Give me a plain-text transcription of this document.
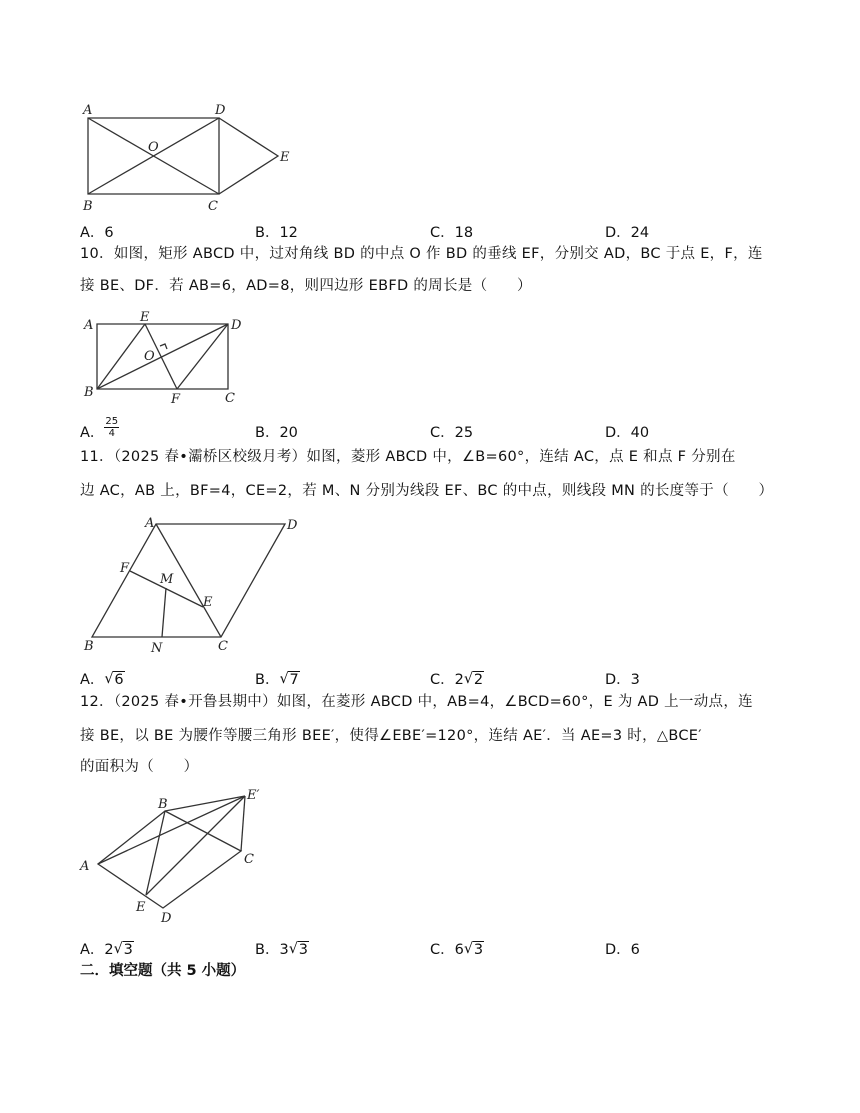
A	D
O
E
B	C
A．6	B．12	C．18	D．24
10．如图，矩形 ABCD 中，过对角线 BD 的中点 O 作 BD 的垂线 EF，分别交 AD，BC 于点 E，F，连
接 BE、DF．若 AB=6，AD=8，则四边形 EBFD 的周长是（　　）
A
E
D
O
B	F	C
A． $\frac{25}{4}$	B．20	C．25	D．40
11．（2025 春•灞桥区校级月考）如图，菱形 ABCD 中，∠B=60°，连结 AC，点 E 和点 F 分别在
边 AC，AB 上，BF=4，CE=2，若 M、N 分别为线段 EF、BC 的中点，则线段 MN 的长度等于（　　）
A	D
F
M
E
B	N	C
A． √ 6	B． √ 7	C．2 √ 2	D．3
12．（2025 春•开鲁县期中）如图，在菱形 ABCD 中，AB=4，∠BCD=60°，E 为 AD 上一动点，连
接 BE，以 BE 为腰作等腰三角形 BEE′，使得∠EBE′=120°，连结 AE′．当 AE=3 时，△BCE′
的面积为（　　）
B
E′
A	C
E
D
A．2 √ 3	B．3 √ 3	C．6 √ 3	D．6
二．填空题（共 5 小题）
